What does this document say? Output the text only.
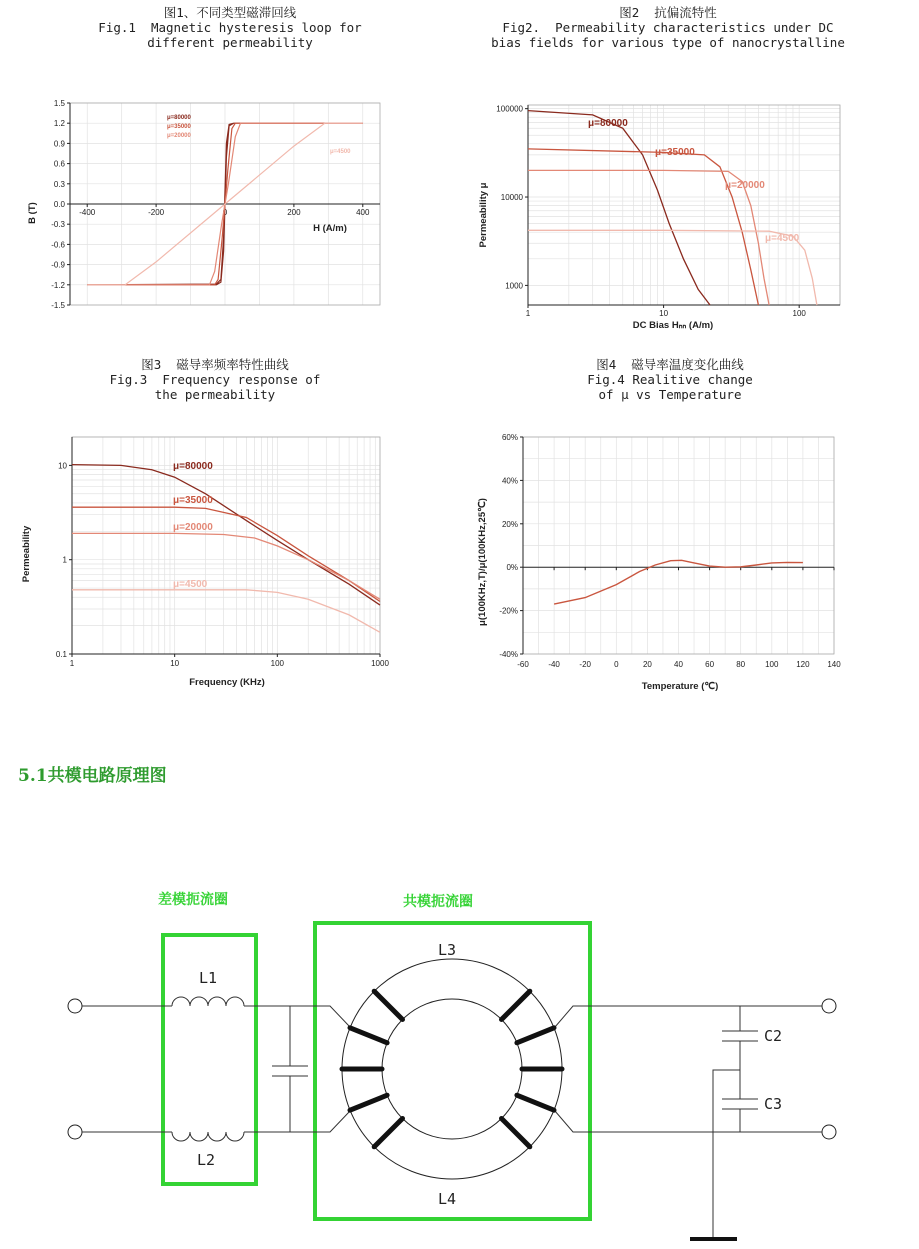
图1、不同类型磁滞回线
Fig.1  Magnetic hysteresis loop for
different permeability
-400	-200	0	200	400
1.5
1.2
0.9
0.6
0.3
0.0
-0.3
-0.6
-0.9
-1.2
-1.5
H (A/m)
B (T)
μ=80000
μ=35000
μ=20000
μ=4500
图2  抗偏流特性
Fig2.  Permeability characteristics under DC
bias fields for various type of nanocrystalline
1	10	100
100000
10000
1000
DC Bias Hₙₙ (A/m)
Permeability μ
μ=80000
μ=35000
μ=20000
μ=4500
图3  磁导率频率特性曲线
Fig.3  Frequency response of
the permeability
1	10	100	1000
10
1
0.1
Frequency (KHz)
Permeability
μ=80000
μ=35000
μ=20000
μ=4500
图4  磁导率温度变化曲线
Fig.4 Realitive change
of μ vs Temperature
-60 -40 -20	0	20	40	60	80 100 120 140
60%
40%
20%
0%
-20%
-40%
Temperature (℃)
μ(100KHz,T)/μ(100KHz,25℃)
5.1共模电路原理图
差模扼流圈	共模扼流圈
L1
L2
L3
L4
C2
C3
